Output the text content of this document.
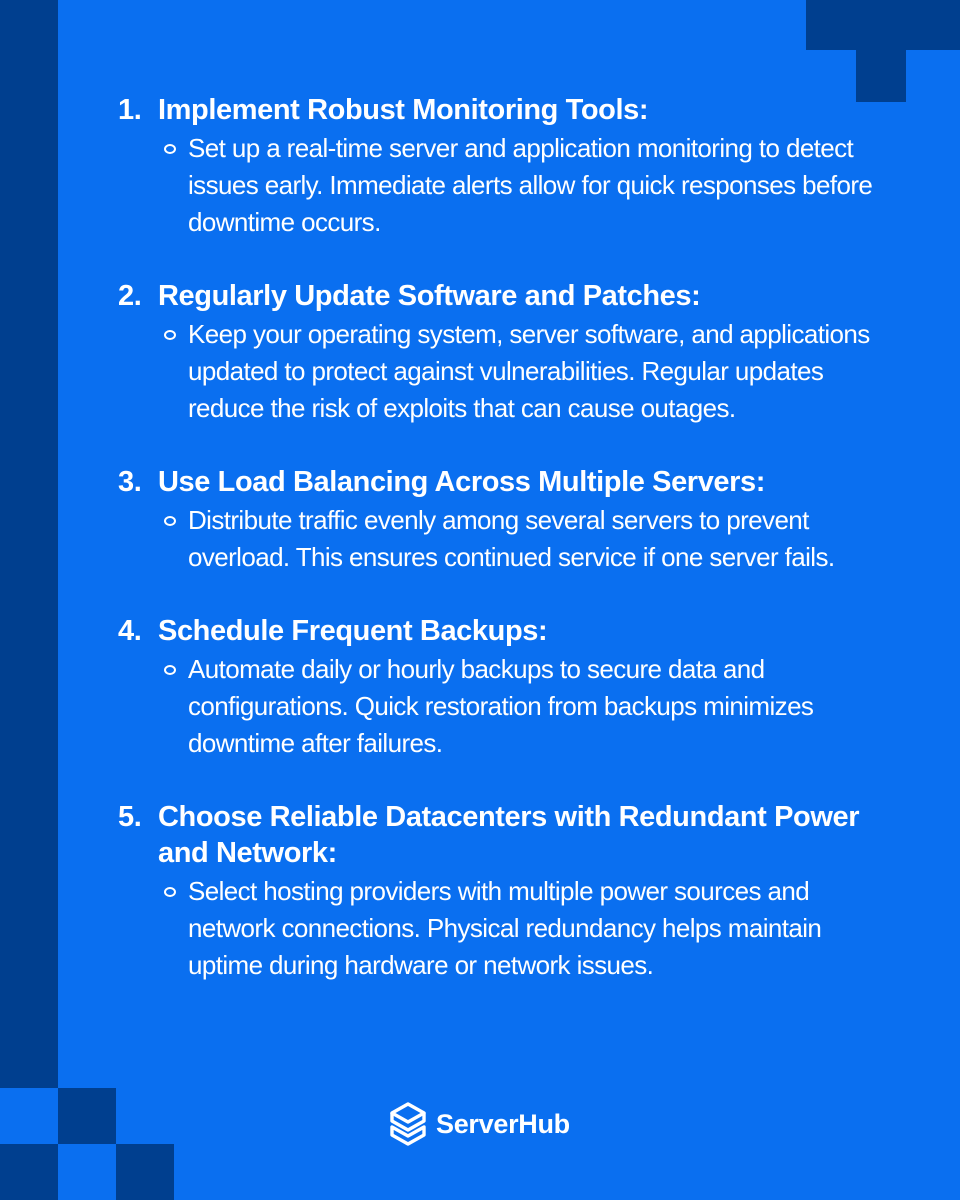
1. Implement Robust Monitoring Tools:
Set up a real-time server and application monitoring to detect issues early. Immediate alerts allow for quick responses before downtime occurs.
2. Regularly Update Software and Patches:
Keep your operating system, server software, and applications updated to protect against vulnerabilities. Regular updates reduce the risk of exploits that can cause outages.
3. Use Load Balancing Across Multiple Servers:
Distribute traffic evenly among several servers to prevent overload. This ensures continued service if one server fails.
4. Schedule Frequent Backups:
Automate daily or hourly backups to secure data and configurations. Quick restoration from backups minimizes downtime after failures.
5. Choose Reliable Datacenters with Redundant Power and Network:
Select hosting providers with multiple power sources and network connections. Physical redundancy helps maintain uptime during hardware or network issues.
ServerHub
